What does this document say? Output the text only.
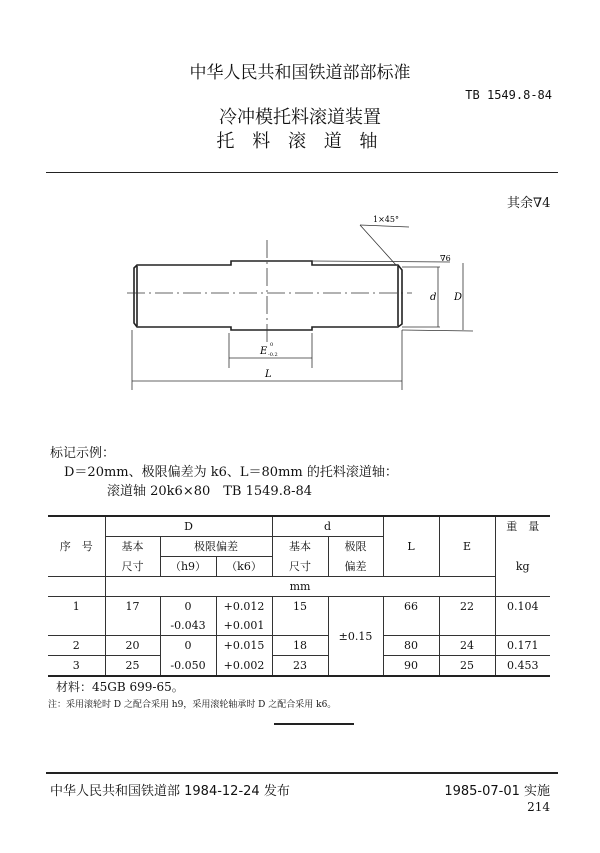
中华人民共和国铁道部部标准
TB 1549.8-84
冷冲模托料滚道装置
托 料 滚 道 轴
其余∇4
1×45°
∇6
d D
E
0
-0.2
L
标记示例：
D＝20mm、极限偏差为 k6、L＝80mm 的托料滚道轴：
滚道轴 20k6×80　TB 1549.8-84
序　号	D			d		L	E	重　量
	基本	极限偏差		基本	极限			kg
	尺寸	（h9）	（k6）	尺寸	偏差			
	mm							
1	17	0	+0.012	15	±0.15	66	22	0.104
		-0.043	+0.001					
2	20	0	+0.015	18		80	24	0.171
3	25	-0.050	+0.002	23		90	25	0.453
材料：45GB 699-65。
注：采用滚轮时 D 之配合采用 h9，采用滚轮轴承时 D 之配合采用 k6。
中华人民共和国铁道部 1984-12-24 发布	1985-07-01 实施
214
